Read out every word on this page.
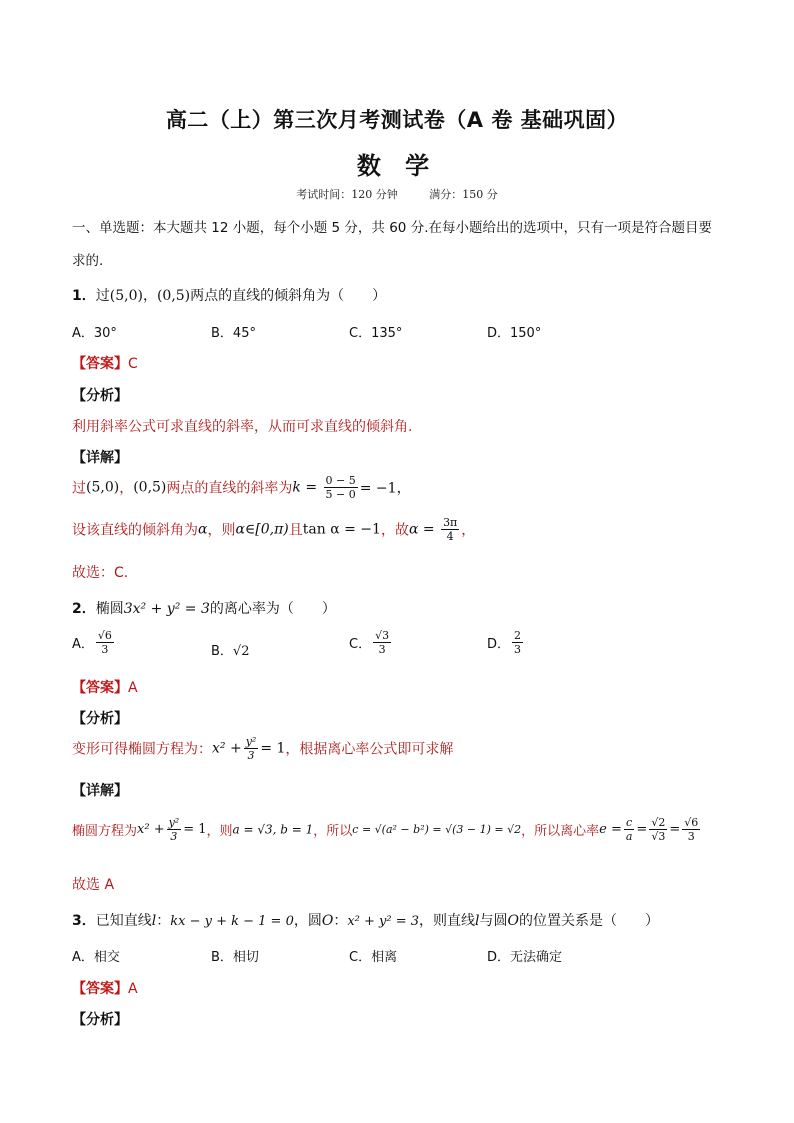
高二（上）第三次月考测试卷（A 卷 基础巩固）
数 学
考试时间：120 分钟	满分：150 分
一、单选题：本大题共 12 小题，每个小题 5 分，共 60 分.在每小题给出的选项中，只有一项是符合题目要
求的.
1．过(5,0)，(0,5)两点的直线的倾斜角为（　　）
A．30°	B．45°	C．135°	D．150°
【答案】C
【分析】
利用斜率公式可求直线的斜率，从而可求直线的倾斜角.
【详解】
过(5,0)，(0,5)两点的直线的斜率为$k = \frac{0 - 5}{5 - 0} = -1$，
设该直线的倾斜角为α，则α∈[0,π)且tan α = −1，故$\alpha = \frac{3\pi}{4}$ ，
故选：C.
2．椭圆3x² + y² = 3的离心率为（　　）
A． $\frac{√6}{3}$	B．√2	C． $\frac{√3}{3}$	D． $\frac{2}{3}$
【答案】A
【分析】
变形可得椭圆方程为：$x^2 + \frac{\text{y²}}{3} = 1$，根据离心率公式即可求解
【详解】
椭圆方程为$x^2 + \frac{\text{y²}}{3} = 1$，则a = √3, b = 1，所以c = √(a² − b²) = √(3 − 1) = √2，所以离心率$e = \frac{c}{a} = \frac{√2}{√3} = \frac{√6}{3}$
故选 A
3．已知直线l：kx − y + k − 1 = 0，圆O：x² + y² = 3，则直线l与圆O的位置关系是（　　）
A．相交	B．相切	C．相离	D．无法确定
【答案】A
【分析】
